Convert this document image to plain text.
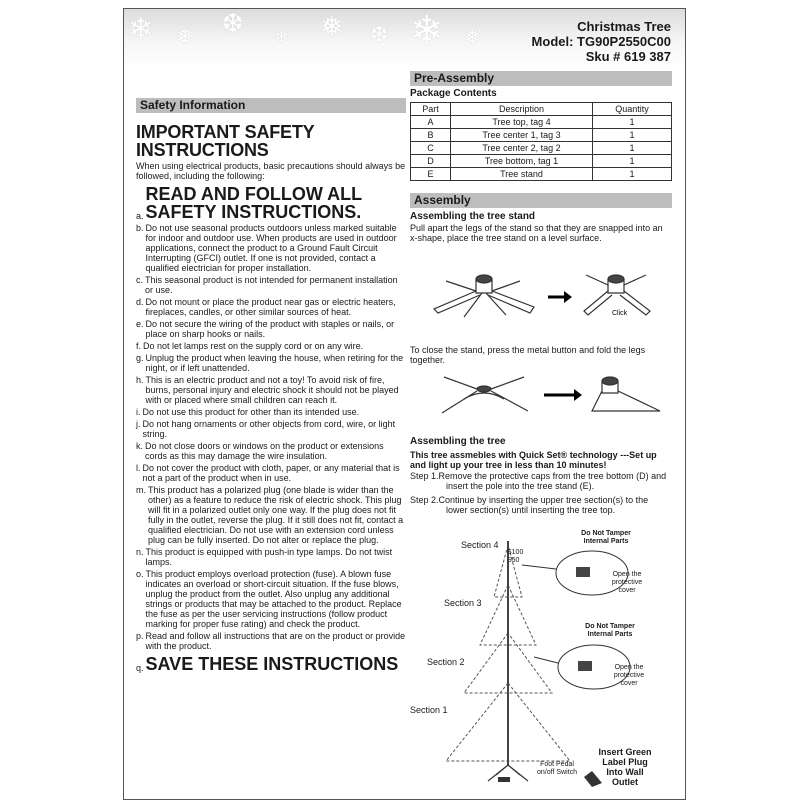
❄ ❅ ❆ ❄ ❅ ❆ ❄ ❅	Christmas Tree
Model: TG90P2550C00
Sku # 619 387
Safety Information
IMPORTANT SAFETY
INSTRUCTIONS
When using electrical products, basic precautions should always be followed, including the following:
a.
READ AND FOLLOW ALL SAFETY INSTRUCTIONS.
b. Do not use seasonal products outdoors unless marked suitable for indoor and outdoor use. When products are used in outdoor applications, connect the product to a Ground Fault Circuit Interrupting (GFCI) outlet. If one is not provided, contact a qualified electrician for proper installation.
c. This seasonal product is not intended for permanent installation or use.
d. Do not mount or place the product near gas or electric heaters, fireplaces, candles, or other similar sources of heat.
e. Do not secure the wiring of the product with staples or nails, or place on sharp hooks or nails.
f. Do not let lamps rest on the supply cord or on any wire.
g. Unplug the product when leaving the house, when retiring for the night, or if left unattended.
h. This is an electric product and not a toy! To avoid risk of fire, burns, personal injury and electric shock it should not be played with or placed where small children can reach it.
i. Do not use this product for other than its intended use.
j. Do not hang ornaments or other objects from cord, wire, or light string.
k. Do not close doors or windows on the product or extensions cords as this may damage the wire insulation.
l. Do not cover the product with cloth, paper, or any material that is not a part of the product when in use.
m. This product has a polarized plug (one blade is wider than the other) as a feature to reduce the risk of electric shock. This plug will fit in a polarized outlet only one way. If the plug does not fit fully in the outlet, reverse the plug. If it still does not fit, contact a qualified electrician. Do not use with an extension cord unless plug can be fully inserted. Do not alter or replace the plug.
n. This product is equipped with push-in type lamps. Do not twist lamps.
o. This product employs overload protection (fuse). A blown fuse indicates an overload or short-circuit situation. If the fuse blows, unplug the product from the outlet. Also unplug any additional strings or products that may be attached to the product. Replace the fuse as per the user servicing instructions (follow product marking for proper fuse rating) and check the product.
p. Read and follow all instructions that are on the product or provide with the product.
q. SAVE THESE INSTRUCTIONS
Pre-Assembly
Package Contents
Part	Description	Quantity
A	Tree top, tag 4	1
B	Tree center 1, tag 3	1
C	Tree center 2, tag 2	1
D	Tree bottom, tag 1	1
E	Tree stand	1
Assembly
Assembling the tree stand
Pull apart the legs of the stand so that they are snapped into an x-shape, place the tree stand on a level surface.
Click
To close the stand, press the metal button and fold the legs together.
Assembling the tree
This tree assmebles with Quick Set® technology ---Set up and light up your tree in less than 10 minutes!
Step 1.Remove the protective caps from the tree bottom (D) and insert the pole into the tree stand (E).
Step 2.Continue by inserting the upper tree section(s) to the lower section(s) until inserting the tree top.
Section 4
Section 3
Section 2
Section 1
S100
S50
Do Not Tamper Internal Parts
Open the protective cover
Do Not Tamper Internal Parts
Open the protective cover
Foot Pedal on/off Switch
Insert Green Label Plug Into Wall Outlet
